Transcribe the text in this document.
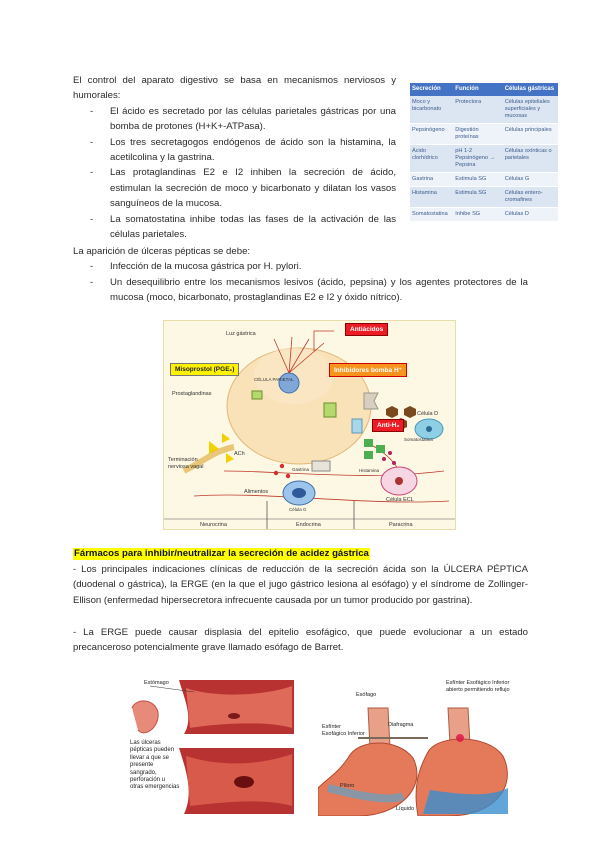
El control del aparato digestivo se basa en mecanismos nerviosos y humorales:

- El ácido es secretado por las células parietales gástricas por una bomba de protones (H+K+-ATPasa).
- Los tres secretagogos endógenos de ácido son la histamina, la acetilcolina y la gastrina.
- Las protaglandinas E2 e I2 inhiben la secreción de ácido, estimulan la secreción de moco y bicarbonato y dilatan los vasos sanguíneos de la mucosa.
- La somatostatina inhibe todas las fases de la activación de las células parietales.
Secreción	Función	Células gástricas
Moco y bicarbonato	Protectora	Células epiteliales superficiales y mucosas
Pepsinógeno	Digestión proteínas	Células principales
Ácido clorhídrico	pH 1-2 Pepsinógeno → Pepsina	Células oxínticas o parietales
Gastrina	Estimula SG	Células G
Histamina	Estimula SG	Células entero-cromafines
Somatostatina	Inhibe SG	Células D

La aparición de úlceras pépticas se debe:

- Infección de la mucosa gástrica por H. pylori.
- Un desequilibrio entre los mecanismos lesivos (ácido, pepsina) y los agentes protectores de la mucosa (moco, bicarbonato, prostaglandinas E2 e I2 y óxido nítrico).
Antiácidos
Misoprostol (PGE₁)	Inhibidores bomba H⁺
Anti-H₂
Luz gástrica
CÉLULA PARIETAL
Prostaglandinas
Célula D
Somatostatina
Histamina
Gastrina
Terminación nerviosa vagal
ACh
Célula ECL
Alimentos
Célula G
Neurocrina	Endocrina	Paracrina
Fármacos para inhibir/neutralizar la secreción de acidez gástrica

- Los principales indicaciones clínicas de reducción de la secreción ácida son la ÚLCERA PÉPTICA (duodenal o gástrica), la ERGE (en la que el jugo gástrico lesiona al esófago) y el síndrome de Zollinger-Ellison (enfermedad hipersecretora infrecuente causada por un tumor producido por gastrina).

- La ERGE puede causar displasia del epitelio esofágico, que puede evolucionar a un estado precanceroso potencialmente grave llamado esófago de Barret.

Estómago
Las úlceras pépticas pueden llevar a que se presente sangrado, perforación u otras emergencias
Esófago
Esfínter Esofágico Inferior
Diafragma
Esfínter Esofágico Inferior abierto permitiendo reflujo
Píloro
Líquido
